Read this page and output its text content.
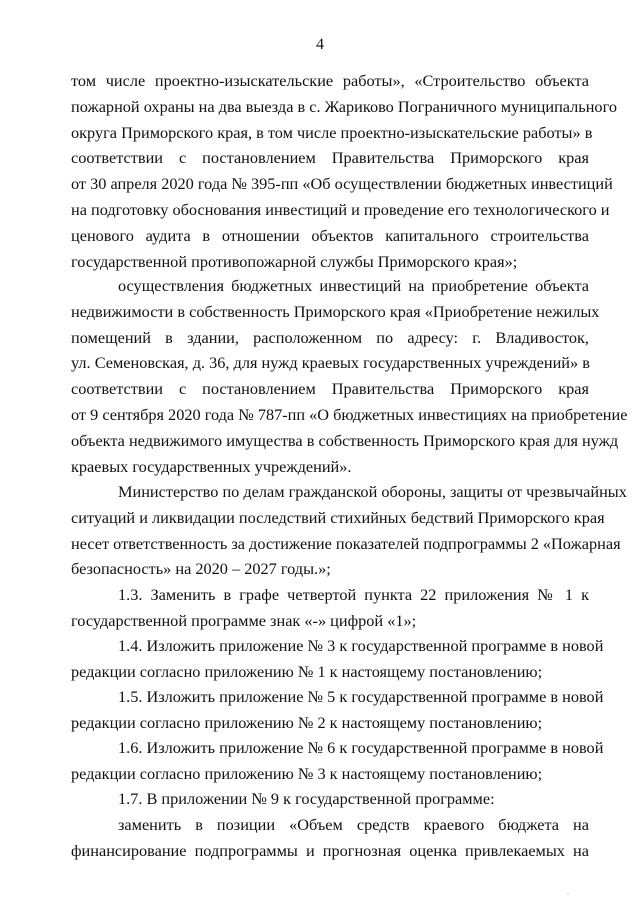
4
том числе проектно-изыскательские работы», «Строительство объекта
пожарной охраны на два выезда в с. Жариково Пограничного муниципального
округа Приморского края, в том числе проектно-изыскательские работы» в
соответствии с постановлением Правительства Приморского края
от 30 апреля 2020 года № 395-пп «Об осуществлении бюджетных инвестиций
на подготовку обоснования инвестиций и проведение его технологического и
ценового аудита в отношении объектов капитального строительства
государственной противопожарной службы Приморского края»;
осуществления бюджетных инвестиций на приобретение объекта
недвижимости в собственность Приморского края «Приобретение нежилых
помещений в здании, расположенном по адресу: г. Владивосток,
ул. Семеновская, д. 36, для нужд краевых государственных учреждений» в
соответствии с постановлением Правительства Приморского края
от 9 сентября 2020 года № 787-пп «О бюджетных инвестициях на приобретение
объекта недвижимого имущества в собственность Приморского края для нужд
краевых государственных учреждений».
Министерство по делам гражданской обороны, защиты от чрезвычайных
ситуаций и ликвидации последствий стихийных бедствий Приморского края
несет ответственность за достижение показателей подпрограммы 2 «Пожарная
безопасность» на 2020 – 2027 годы.»;
1.3. Заменить в графе четвертой пункта 22 приложения № 1 к
государственной программе знак «-» цифрой «1»;
1.4. Изложить приложение № 3 к государственной программе в новой
редакции согласно приложению № 1 к настоящему постановлению;
1.5. Изложить приложение № 5 к государственной программе в новой
редакции согласно приложению № 2 к настоящему постановлению;
1.6. Изложить приложение № 6 к государственной программе в новой
редакции согласно приложению № 3 к настоящему постановлению;
1.7. В приложении № 9 к государственной программе:
заменить в позиции «Объем средств краевого бюджета на
финансирование подпрограммы и прогнозная оценка привлекаемых на
.
